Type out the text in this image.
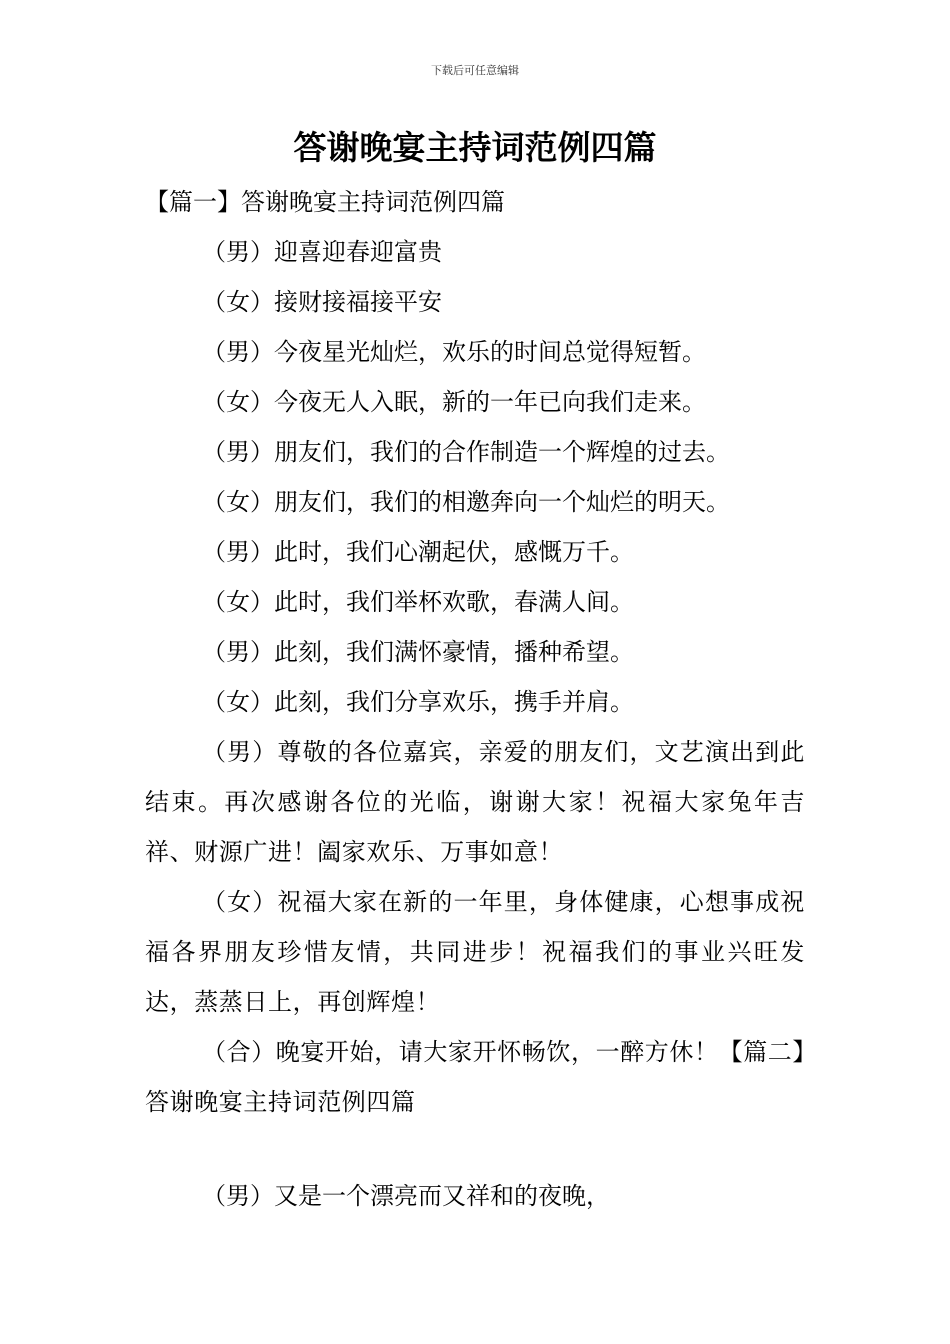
下载后可任意编辑
答谢晚宴主持词范例四篇
【篇一】答谢晚宴主持词范例四篇
（男）迎喜迎春迎富贵
（女）接财接福接平安
（男）今夜星光灿烂，欢乐的时间总觉得短暂。
（女）今夜无人入眠，新的一年已向我们走来。
（男）朋友们，我们的合作制造一个辉煌的过去。
（女）朋友们，我们的相邀奔向一个灿烂的明天。
（男）此时，我们心潮起伏，感慨万千。
（女）此时，我们举杯欢歌，春满人间。
（男）此刻，我们满怀豪情，播种希望。
（女）此刻，我们分享欢乐，携手并肩。
（男）尊敬的各位嘉宾，亲爱的朋友们，文艺演出到此结束。再次感谢各位的光临，谢谢大家！祝福大家兔年吉祥、财源广进！阖家欢乐、万事如意！
（女）祝福大家在新的一年里，身体健康，心想事成祝福各界朋友珍惜友情，共同进步！祝福我们的事业兴旺发达，蒸蒸日上，再创辉煌！
（合）晚宴开始，请大家开怀畅饮，一醉方休！【篇二】答谢晚宴主持词范例四篇
（男）又是一个漂亮而又祥和的夜晚，
